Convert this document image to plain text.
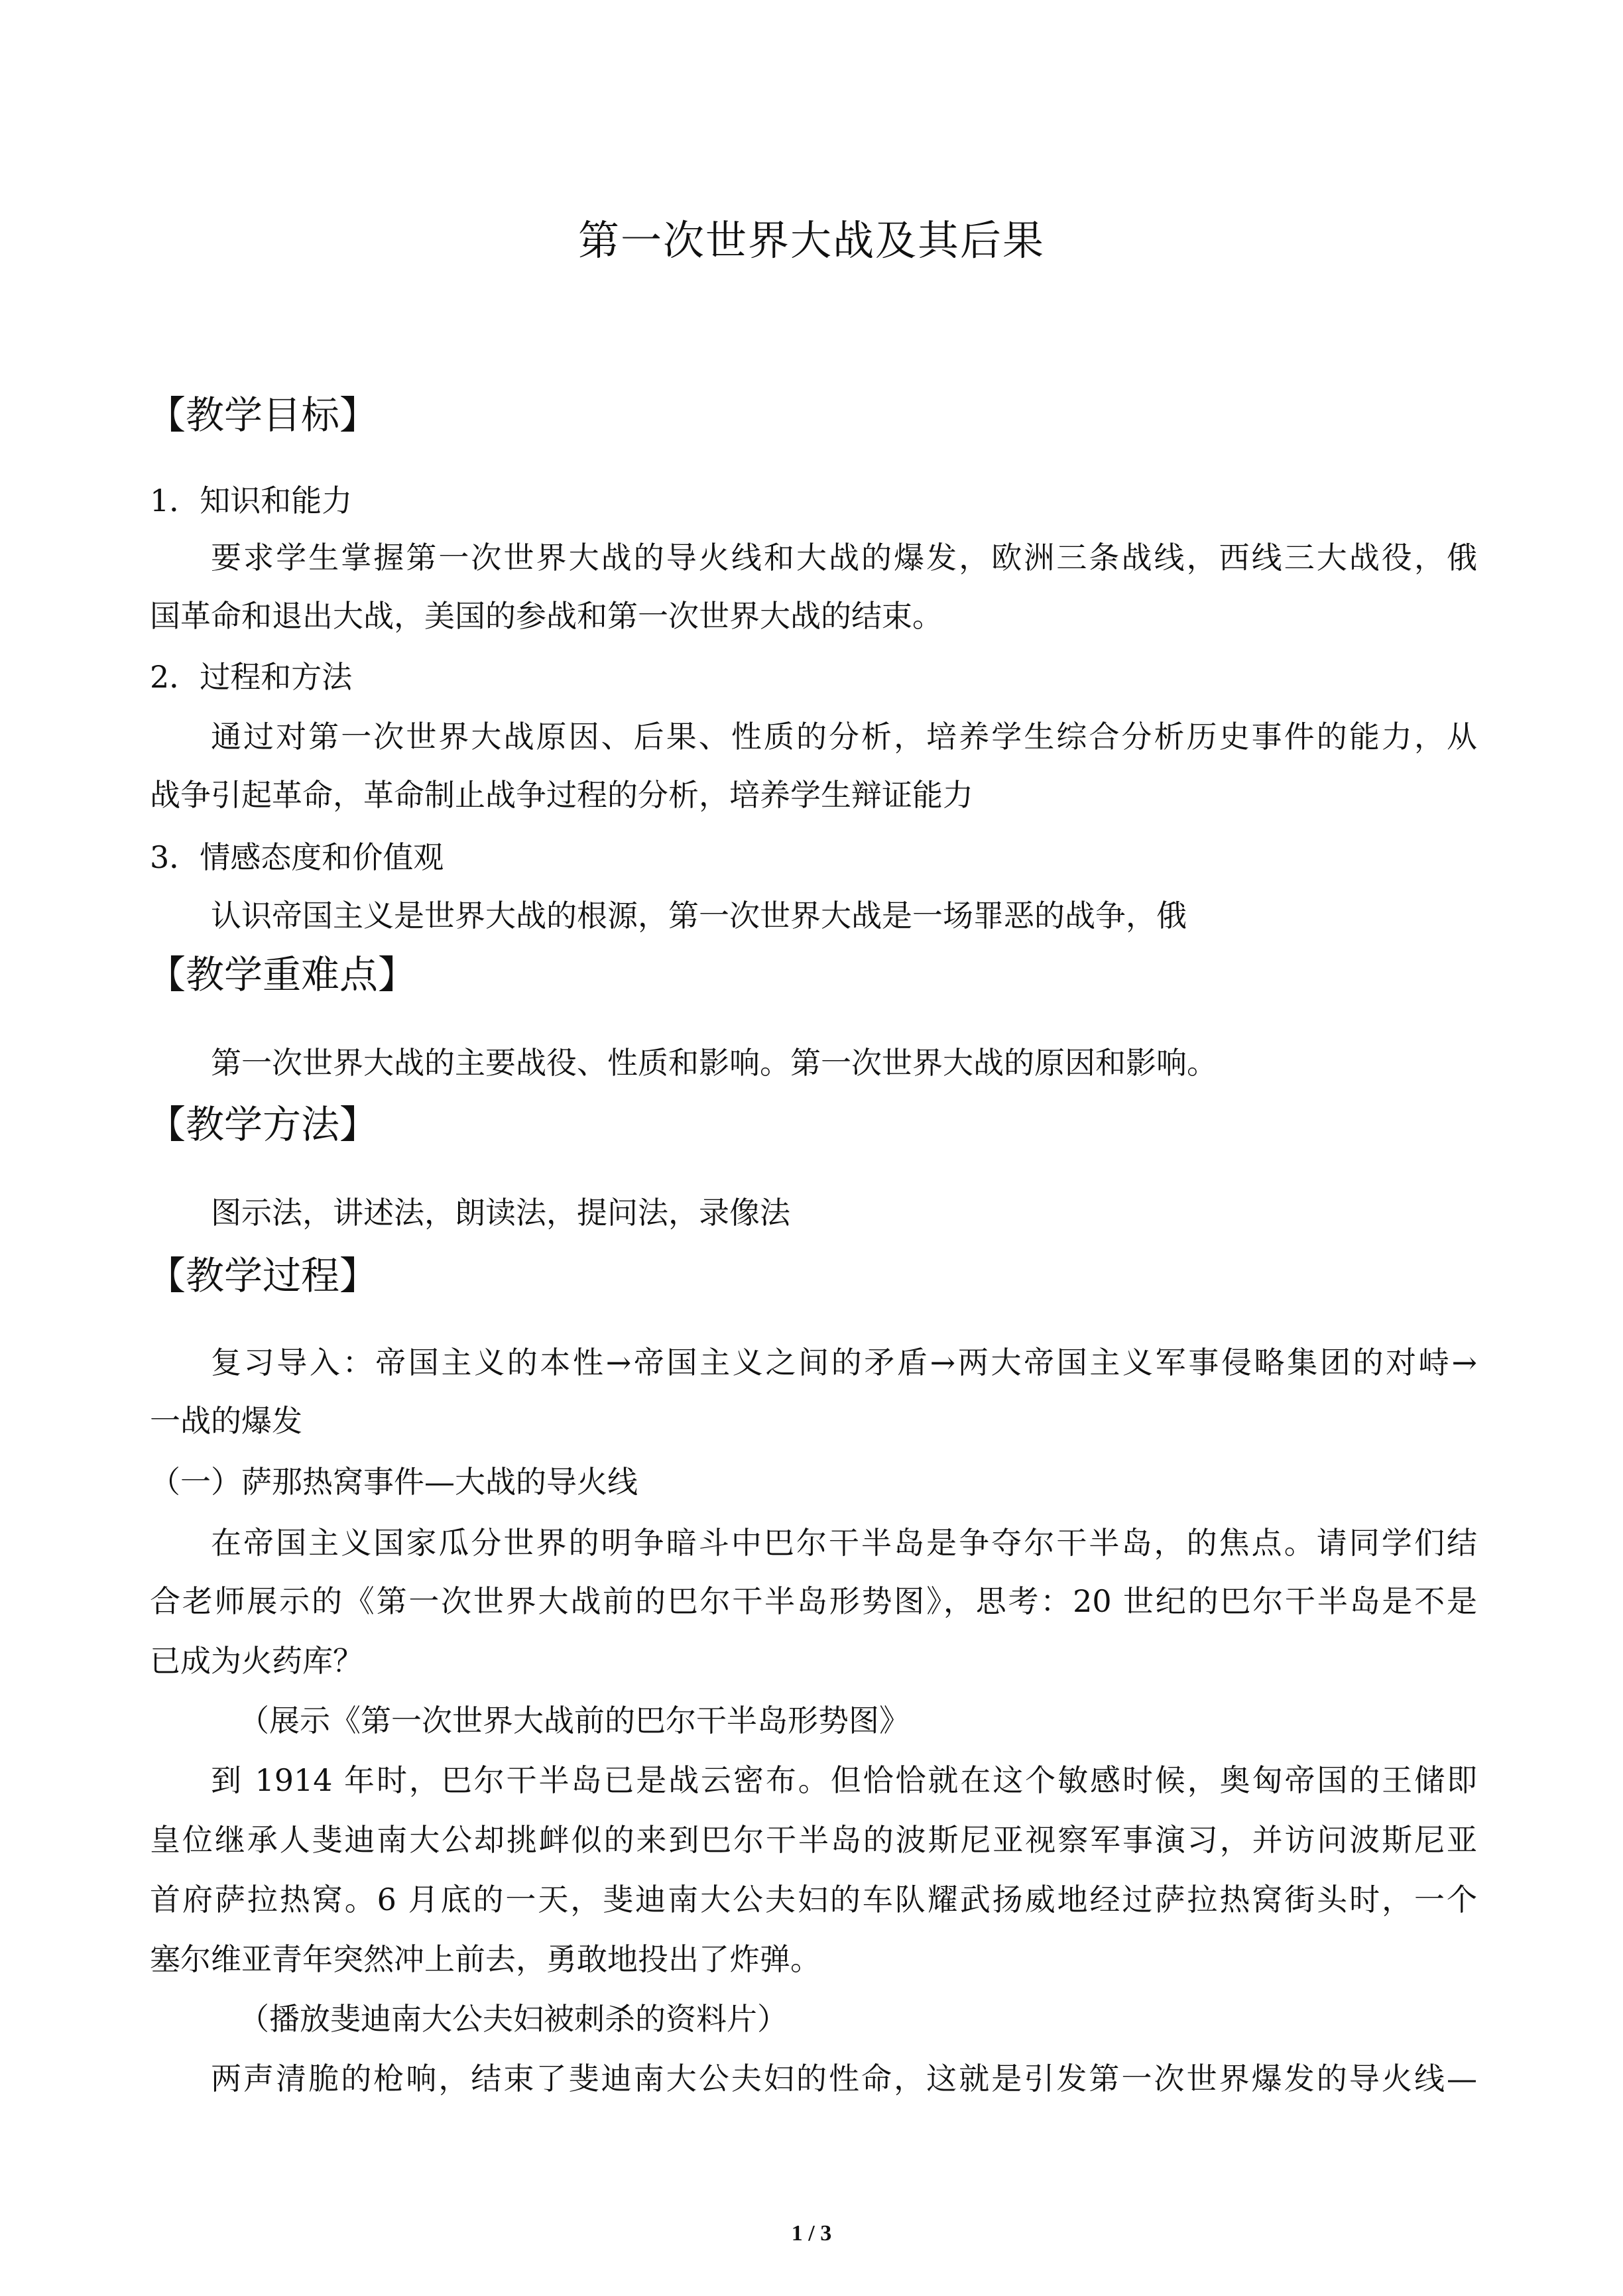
第一次世界大战及其后果
【教学目标】
1．知识和能力
要求学生掌握第一次世界大战的导火线和大战的爆发，欧洲三条战线，西线三大战役，俄
国革命和退出大战，美国的参战和第一次世界大战的结束。
2．过程和方法
通过对第一次世界大战原因、后果、性质的分析，培养学生综合分析历史事件的能力，从
战争引起革命，革命制止战争过程的分析，培养学生辩证能力
3．情感态度和价值观
认识帝国主义是世界大战的根源，第一次世界大战是一场罪恶的战争，俄
【教学重难点】
第一次世界大战的主要战役、性质和影响。第一次世界大战的原因和影响。
【教学方法】
图示法，讲述法，朗读法，提问法，录像法
【教学过程】
复习导入：帝国主义的本性→帝国主义之间的矛盾→两大帝国主义军事侵略集团的对峙→
一战的爆发
（一）萨那热窝事件—大战的导火线
在帝国主义国家瓜分世界的明争暗斗中巴尔干半岛是争夺尔干半岛，的焦点。请同学们结
合老师展示的《第一次世界大战前的巴尔干半岛形势图》，思考：20 世纪的巴尔干半岛是不是
已成为火药库？
（展示《第一次世界大战前的巴尔干半岛形势图》
到 1914 年时，巴尔干半岛已是战云密布。但恰恰就在这个敏感时候，奥匈帝国的王储即
皇位继承人斐迪南大公却挑衅似的来到巴尔干半岛的波斯尼亚视察军事演习，并访问波斯尼亚
首府萨拉热窝。6 月底的一天，斐迪南大公夫妇的车队耀武扬威地经过萨拉热窝街头时，一个
塞尔维亚青年突然冲上前去，勇敢地投出了炸弹。
（播放斐迪南大公夫妇被刺杀的资料片）
两声清脆的枪响，结束了斐迪南大公夫妇的性命，这就是引发第一次世界爆发的导火线—
1 / 3
